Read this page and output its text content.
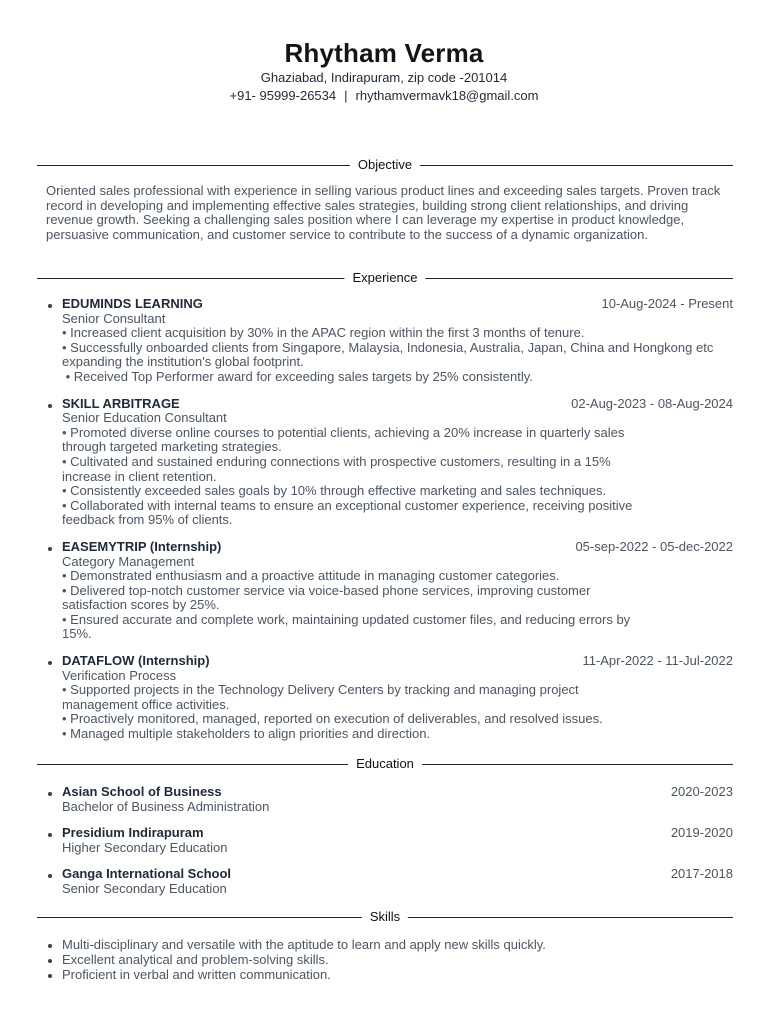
Rhytham Verma
Ghaziabad, Indirapuram, zip code -201014
+91- 95999-26534 | rhythamvermavk18@gmail.com
Objective

Oriented sales professional with experience in selling various product lines and exceeding sales targets. Proven track record in developing and implementing effective sales strategies, building strong client relationships, and driving revenue growth. Seeking a challenging sales position where I can leverage my expertise in product knowledge, persuasive communication, and customer service to contribute to the success of a dynamic organization.

Experience
EDUMINDS LEARNING	10-Aug-2024 - Present
Senior Consultant
• Increased client acquisition by 30% in the APAC region within the first 3 months of tenure.
• Successfully onboarded clients from Singapore, Malaysia, Indonesia, Australia, Japan, China and Hongkong etc expanding the institution's global footprint.
• Received Top Performer award for exceeding sales targets by 25% consistently.
SKILL ARBITRAGE	02-Aug-2023 - 08-Aug-2024
Senior Education Consultant
• Promoted diverse online courses to potential clients, achieving a 20% increase in quarterly sales through targeted marketing strategies.
• Cultivated and sustained enduring connections with prospective customers, resulting in a 15% increase in client retention.
• Consistently exceeded sales goals by 10% through effective marketing and sales techniques.
• Collaborated with internal teams to ensure an exceptional customer experience, receiving positive feedback from 95% of clients.
EASEMYTRIP (Internship)	05-sep-2022 - 05-dec-2022
Category Management
• Demonstrated enthusiasm and a proactive attitude in managing customer categories.
• Delivered top-notch customer service via voice-based phone services, improving customer satisfaction scores by 25%.
• Ensured accurate and complete work, maintaining updated customer files, and reducing errors by 15%.
DATAFLOW (Internship)	11-Apr-2022 - 11-Jul-2022
Verification Process
• Supported projects in the Technology Delivery Centers by tracking and managing project management office activities.
• Proactively monitored, managed, reported on execution of deliverables, and resolved issues.
• Managed multiple stakeholders to align priorities and direction.
Education
Asian School of Business	2020-2023
Bachelor of Business Administration
Presidium Indirapuram	2019-2020
Higher Secondary Education
Ganga International School	2017-2018
Senior Secondary Education
Skills
Multi-disciplinary and versatile with the aptitude to learn and apply new skills quickly.
Excellent analytical and problem-solving skills.
Proficient in verbal and written communication.
